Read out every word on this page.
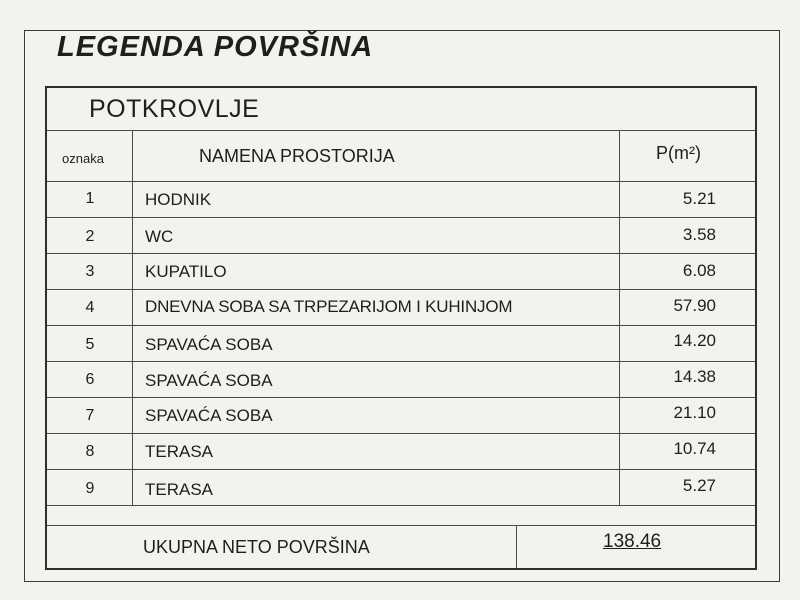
LEGENDA POVRŠINA
POTKROVLJE
oznaka	NAMENA PROSTORIJA	P(m²)
1	HODNIK	5.21
2	WC	3.58
3	KUPATILO	6.08
4	DNEVNA SOBA SA TRPEZARIJOM I KUHINJOM	57.90
5	SPAVAĆA SOBA	14.20
6	SPAVAĆA SOBA	14.38
7	SPAVAĆA SOBA	21.10
8	TERASA	10.74
9	TERASA	5.27
UKUPNA NETO POVRŠINA	138.46
